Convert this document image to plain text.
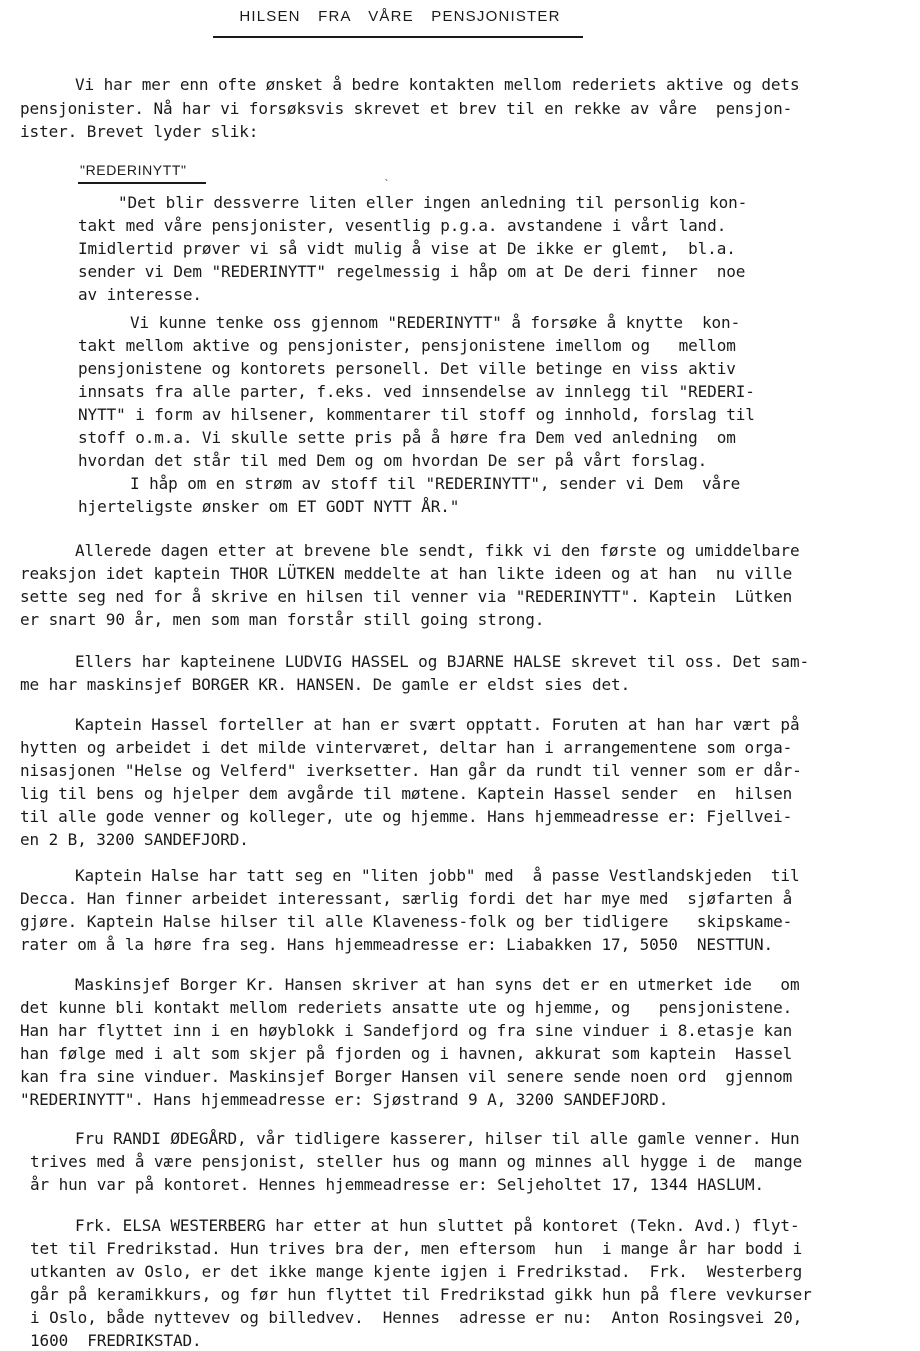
HILSEN FRA VÅRE PENSJONISTER
"REDERINYTT"	ˎ
Vi har mer enn ofte ønsket å bedre kontakten mellom rederiets aktive og dets
pensjonister. Nå har vi forsøksvis skrevet et brev til en rekke av våre  pensjon-
ister. Brevet lyder slik:
"Det blir dessverre liten eller ingen anledning til personlig kon-
takt med våre pensjonister, vesentlig p.g.a. avstandene i vårt land.
Imidlertid prøver vi så vidt mulig å vise at De ikke er glemt,  bl.a.
sender vi Dem "REDERINYTT" regelmessig i håp om at De deri finner  noe
av interesse.
Vi kunne tenke oss gjennom "REDERINYTT" å forsøke å knytte  kon-
takt mellom aktive og pensjonister, pensjonistene imellom og   mellom
pensjonistene og kontorets personell. Det ville betinge en viss aktiv
innsats fra alle parter, f.eks. ved innsendelse av innlegg til "REDERI-
NYTT" i form av hilsener, kommentarer til stoff og innhold, forslag til
stoff o.m.a. Vi skulle sette pris på å høre fra Dem ved anledning  om
hvordan det står til med Dem og om hvordan De ser på vårt forslag.
I håp om en strøm av stoff til "REDERINYTT", sender vi Dem  våre
hjerteligste ønsker om ET GODT NYTT ÅR."
Allerede dagen etter at brevene ble sendt, fikk vi den første og umiddelbare
reaksjon idet kaptein THOR LÜTKEN meddelte at han likte ideen og at han  nu ville
sette seg ned for å skrive en hilsen til venner via "REDERINYTT". Kaptein  Lütken
er snart 90 år, men som man forstår still going strong.
Ellers har kapteinene LUDVIG HASSEL og BJARNE HALSE skrevet til oss. Det sam-
me har maskinsjef BORGER KR. HANSEN. De gamle er eldst sies det.
Kaptein Hassel forteller at han er svært opptatt. Foruten at han har vært på
hytten og arbeidet i det milde vinterværet, deltar han i arrangementene som orga-
nisasjonen "Helse og Velferd" iverksetter. Han går da rundt til venner som er dår-
lig til bens og hjelper dem avgårde til møtene. Kaptein Hassel sender  en  hilsen
til alle gode venner og kolleger, ute og hjemme. Hans hjemmeadresse er: Fjellvei-
en 2 B, 3200 SANDEFJORD.
Kaptein Halse har tatt seg en "liten jobb" med  å passe Vestlandskjeden  til
Decca. Han finner arbeidet interessant, særlig fordi det har mye med  sjøfarten å
gjøre. Kaptein Halse hilser til alle Klaveness-folk og ber tidligere   skipskame-
rater om å la høre fra seg. Hans hjemmeadresse er: Liabakken 17, 5050  NESTTUN.
Maskinsjef Borger Kr. Hansen skriver at han syns det er en utmerket ide   om
det kunne bli kontakt mellom rederiets ansatte ute og hjemme, og   pensjonistene.
Han har flyttet inn i en høyblokk i Sandefjord og fra sine vinduer i 8.etasje kan
han følge med i alt som skjer på fjorden og i havnen, akkurat som kaptein  Hassel
kan fra sine vinduer. Maskinsjef Borger Hansen vil senere sende noen ord  gjennom
"REDERINYTT". Hans hjemmeadresse er: Sjøstrand 9 A, 3200 SANDEFJORD.
Fru RANDI ØDEGÅRD, vår tidligere kasserer, hilser til alle gamle venner. Hun
trives med å være pensjonist, steller hus og mann og minnes all hygge i de  mange
år hun var på kontoret. Hennes hjemmeadresse er: Seljeholtet 17, 1344 HASLUM.
Frk. ELSA WESTERBERG har etter at hun sluttet på kontoret (Tekn. Avd.) flyt-
tet til Fredrikstad. Hun trives bra der, men eftersom  hun  i mange år har bodd i
utkanten av Oslo, er det ikke mange kjente igjen i Fredrikstad.  Frk.  Westerberg
går på keramikkurs, og før hun flyttet til Fredrikstad gikk hun på flere vevkurser
i Oslo, både nyttevev og billedvev.  Hennes  adresse er nu:  Anton Rosingsvei 20,
1600  FREDRIKSTAD.
